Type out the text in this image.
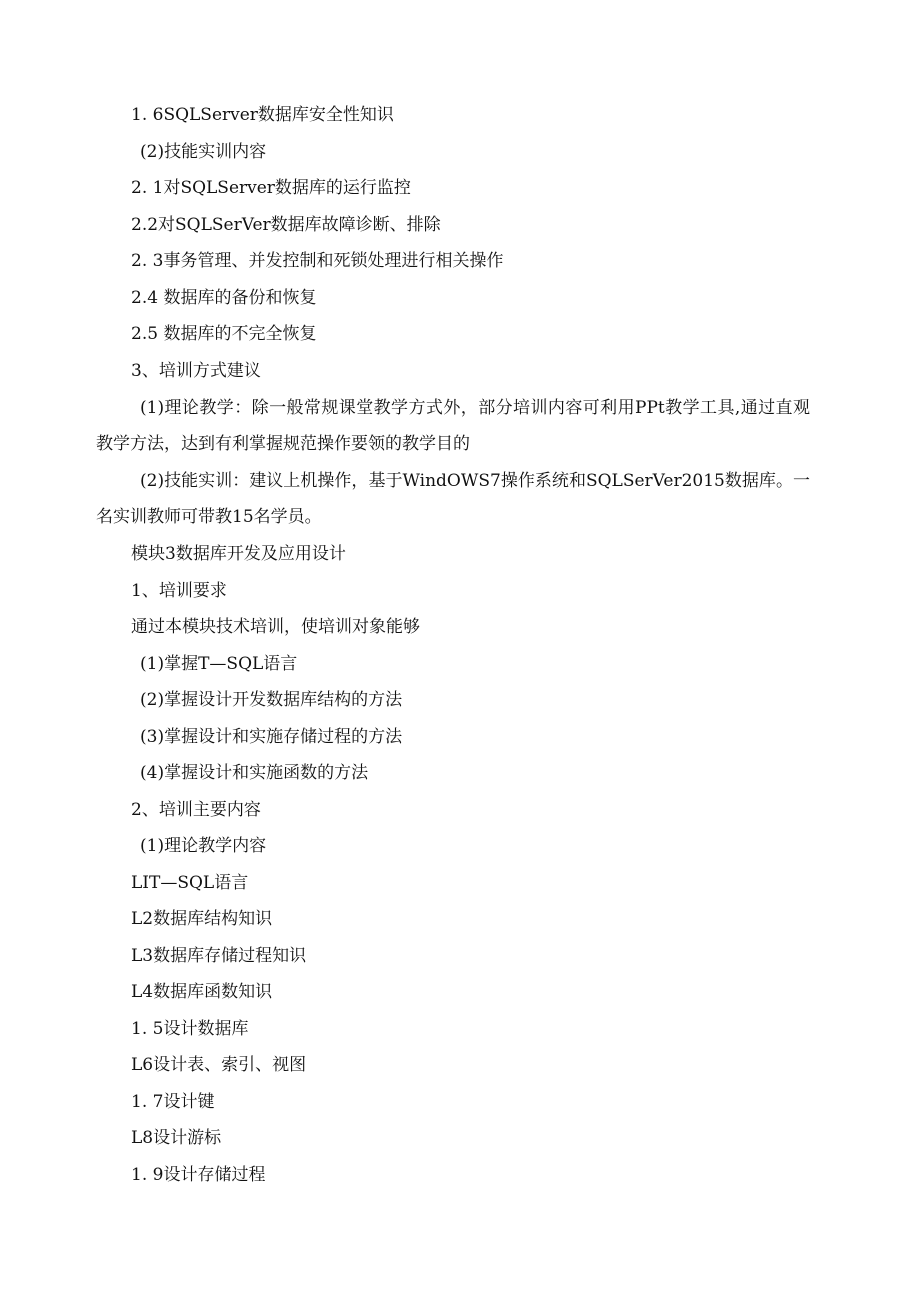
1. 6SQLServer数据库安全性知识
(2)技能实训内容
2. 1对SQLServer数据库的运行监控
2.2对SQLSerVer数据库故障诊断、排除
2. 3事务管理、并发控制和死锁处理进行相关操作
2.4 数据库的备份和恢复
2.5 数据库的不完全恢复
3、培训方式建议
(1)理论教学：除一般常规课堂教学方式外，部分培训内容可利用PPt教学工具,通过直观教学方法，达到有利掌握规范操作要领的教学目的
(2)技能实训：建议上机操作，基于WindOWS7操作系统和SQLSerVer2015数据库。一名实训教师可带教15名学员。
模块3数据库开发及应用设计
1、培训要求
通过本模块技术培训，使培训对象能够
(1)掌握T—SQL语言
(2)掌握设计开发数据库结构的方法
(3)掌握设计和实施存储过程的方法
(4)掌握设计和实施函数的方法
2、培训主要内容
(1)理论教学内容
LIT—SQL语言
L2数据库结构知识
L3数据库存储过程知识
L4数据库函数知识
1. 5设计数据库
L6设计表、索引、视图
1. 7设计键
L8设计游标
1. 9设计存储过程
